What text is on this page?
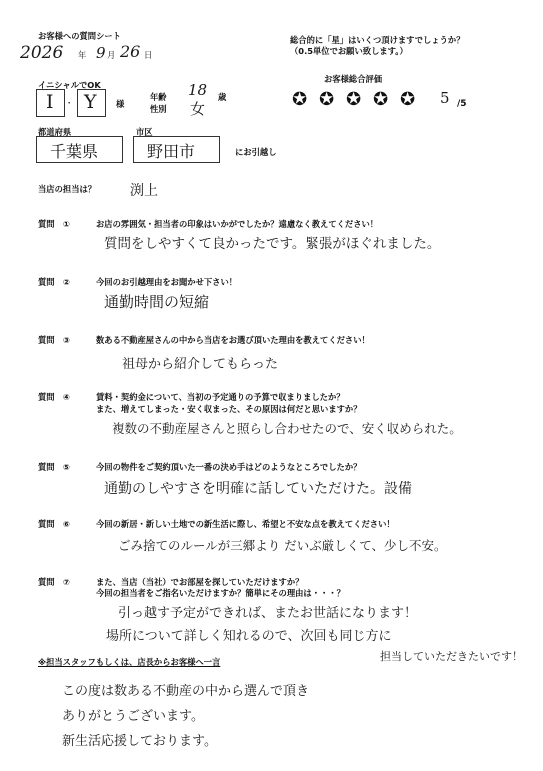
お客様への質問シート
2026 年 9 月 26 日
イニシャルでOK
I ・ Y 様
年齢 18 歳
性別 女
総合的に「星」はいくつ頂けますでしょうか？
（0.5単位でお願い致します。）
お客様総合評価
✪ ✪ ✪ ✪ ✪ 5 /5
都道府県
千葉県
市区
野田市	にお引越し
当店の担当は？ 渕上
質問　①	お店の雰囲気・担当者の印象はいかがでしたか？遠慮なく教えてください！
質問をしやすくて良かったです。緊張がほぐれました。
質問　②	今回のお引越理由をお聞かせ下さい！
通勤時間の短縮
質問　③	数ある不動産屋さんの中から当店をお選び頂いた理由を教えてください！
祖母から紹介してもらった
質問　④	賃料・契約金について、当初の予定通りの予算で収まりましたか？
また、増えてしまった・安く収まった、その原因は何だと思いますか？
複数の不動産屋さんと照らし合わせたので、安く収められた。
質問　⑤	今回の物件をご契約頂いた一番の決め手はどのようなところでしたか？
通勤のしやすさを明確に話していただけた。設備
質問　⑥	今回の新居・新しい土地での新生活に際し、希望と不安な点を教えてください！
ごみ捨てのルールが三郷より だいぶ厳しくて、少し不安。
質問　⑦	また、当店（当社）でお部屋を探していただけますか？
今回の担当者をご指名いただけますか？簡単にその理由は・・・？
引っ越す予定ができれば、またお世話になります！
場所について詳しく知れるので、次回も同じ方に
担当していただきたいです！
※担当スタッフもしくは、店長からお客様へ一言
この度は数ある不動産の中から選んで頂き
ありがとうございます。
新生活応援しております。
